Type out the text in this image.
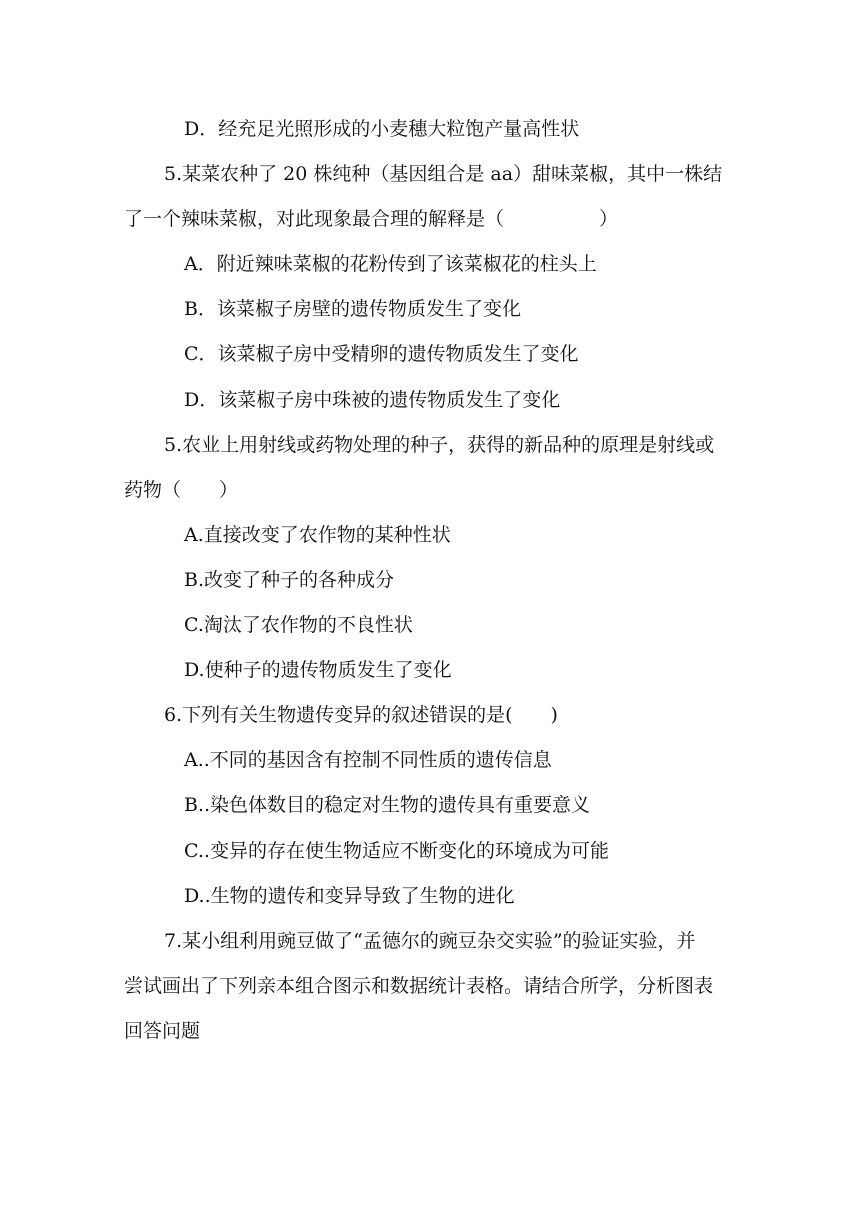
D．经充足光照形成的小麦穗大粒饱产量高性状
5.某菜农种了 20 株纯种（基因组合是 aa）甜味菜椒，其中一株结
了一个辣味菜椒，对此现象最合理的解释是（　　　　　）
A．附近辣味菜椒的花粉传到了该菜椒花的柱头上
B．该菜椒子房壁的遗传物质发生了变化
C．该菜椒子房中受精卵的遗传物质发生了变化
D．该菜椒子房中珠被的遗传物质发生了变化
5.农业上用射线或药物处理的种子，获得的新品种的原理是射线或
药物（　　）
A.直接改变了农作物的某种性状
B.改变了种子的各种成分
C.淘汰了农作物的不良性状
D.使种子的遗传物质发生了变化
6.下列有关生物遗传变异的叙述错误的是(　　)
A..不同的基因含有控制不同性质的遗传信息
B..染色体数目的稳定对生物的遗传具有重要意义
C..变异的存在使生物适应不断变化的环境成为可能
D..生物的遗传和变异导致了生物的进化
7.某小组利用豌豆做了“孟德尔的豌豆杂交实验”的验证实验，并
尝试画出了下列亲本组合图示和数据统计表格。请结合所学，分析图表
回答问题
